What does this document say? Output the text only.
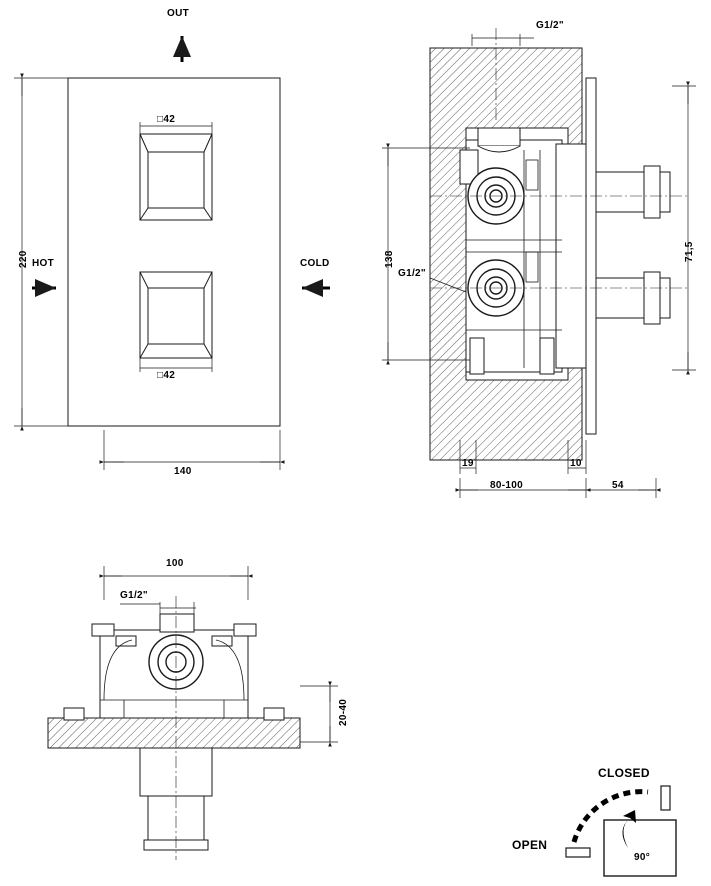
OUT
HOT	COLD
220
140
□42
□42
G1/2"
138
G1/2"
71,5
19	10
80-100	54
100
G1/2"
20-40
CLOSED
OPEN
90°
